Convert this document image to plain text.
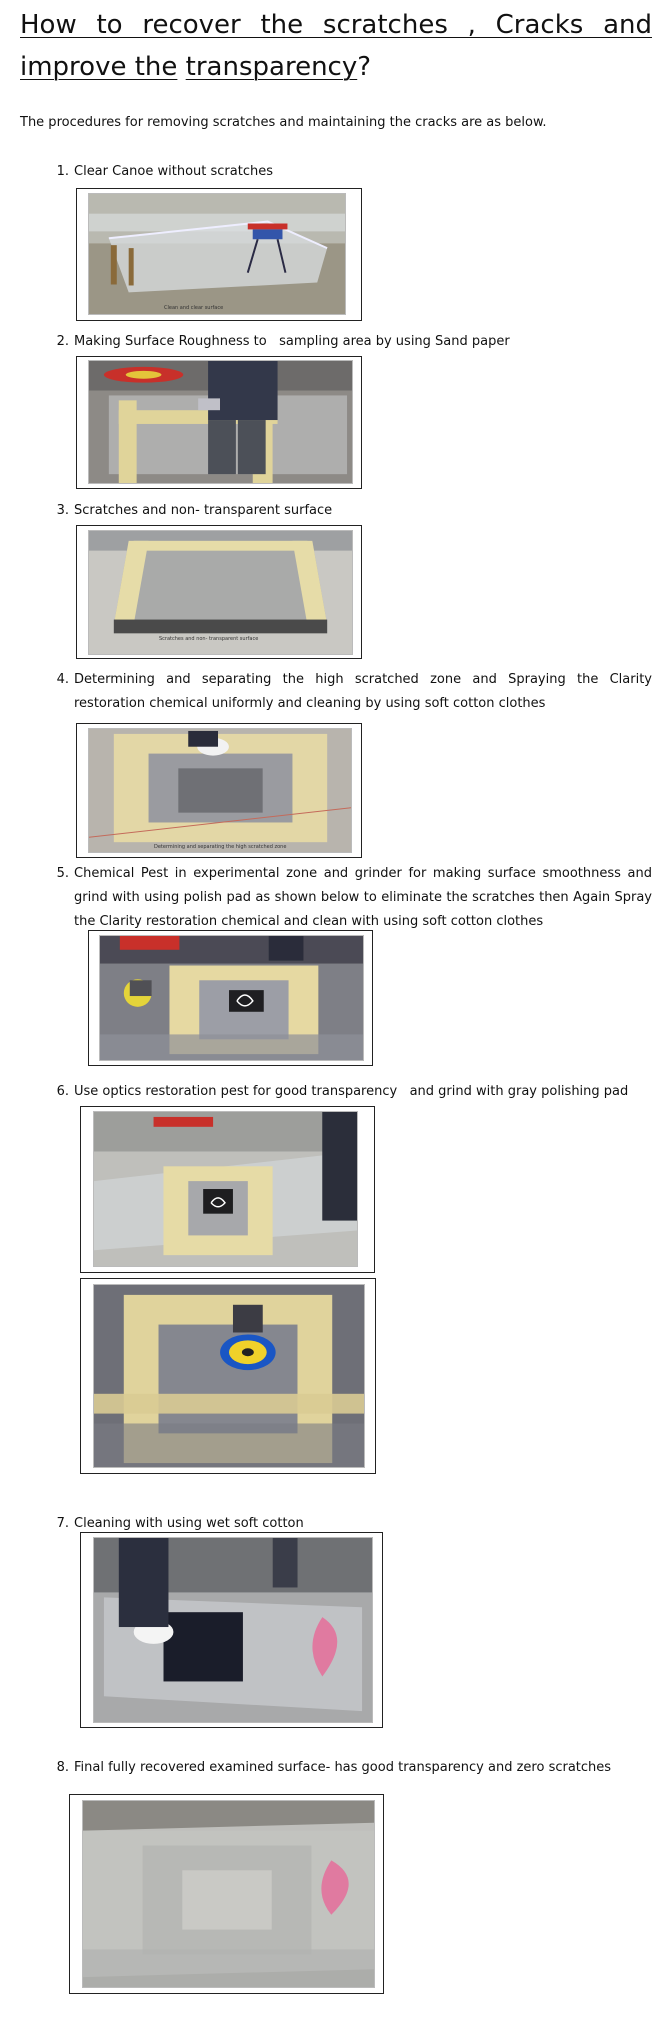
How to recover the scratches , Cracks and improve the transparency?

The procedures for removing scratches and maintaining the cracks are as below.

1. Clear Canoe without scratches
Clean and clear surface
2. Making Surface Roughness to   sampling area by using Sand paper
3. Scratches and non- transparent surface
Scratches and non- transparent surface
4. Determining and separating the high scratched zone and Spraying the Clarity restoration chemical uniformly and cleaning by using soft cotton clothes
Determining and separating the high scratched zone
5. Chemical Pest in experimental zone and grinder for making surface smoothness and grind with using polish pad as shown below to eliminate the scratches then Again Spray the Clarity restoration chemical and clean with using soft cotton clothes
6. Use optics restoration pest for good transparency   and grind with gray polishing pad
7. Cleaning with using wet soft cotton
8. Final fully recovered examined surface- has good transparency and zero scratches
